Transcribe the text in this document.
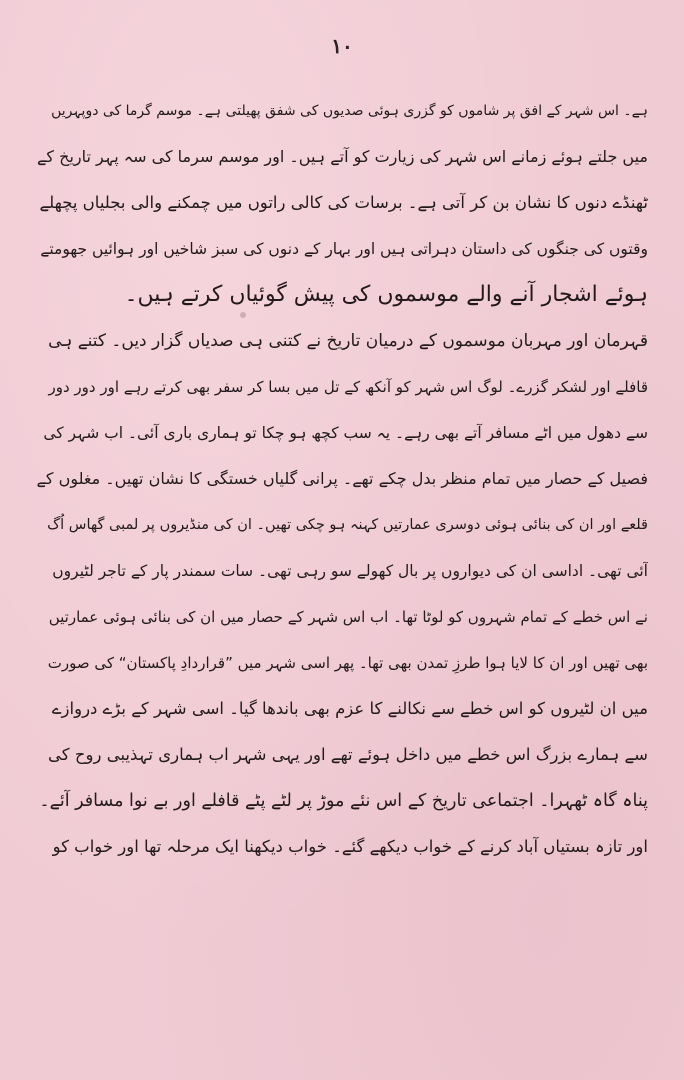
۱۰
ہے۔ اس شہر کے افق پر شاموں کو گزری ہوئی صدیوں کی شفق پھیلتی ہے۔ موسم گرما کی دوپہریں
میں جلتے ہوئے زمانے اس شہر کی زیارت کو آتے ہیں۔ اور موسم سرما کی سہ پہر تاریخ کے
ٹھنڈے دنوں کا نشان بن کر آتی ہے۔ برسات کی کالی راتوں میں چمکنے والی بجلیاں پچھلے
وقتوں کی جنگوں کی داستان دہراتی ہیں اور بہار کے دنوں کی سبز شاخیں اور ہوائیں جھومتے
ہوئے اشجار آنے والے موسموں کی پیش گوئیاں کرتے ہیں۔
قہرمان اور مہربان موسموں کے درمیان تاریخ نے کتنی ہی صدیاں گزار دیں۔ کتنے ہی
قافلے اور لشکر گزرے۔ لوگ اس شہر کو آنکھ کے تل میں بسا کر سفر بھی کرتے رہے اور دور دور
سے دھول میں اٹے مسافر آتے بھی رہے۔ یہ سب کچھ ہو چکا تو ہماری باری آئی۔ اب شہر کی
فصیل کے حصار میں تمام منظر بدل چکے تھے۔ پرانی گلیاں خستگی کا نشان تھیں۔ مغلوں کے
قلعے اور ان کی بنائی ہوئی دوسری عمارتیں کہنہ ہو چکی تھیں۔ ان کی منڈیروں پر لمبی گھاس اُگ
آئی تھی۔ اداسی ان کی دیواروں پر بال کھولے سو رہی تھی۔ سات سمندر پار کے تاجر لٹیروں
نے اس خطے کے تمام شہروں کو لوٹا تھا۔ اب اس شہر کے حصار میں ان کی بنائی ہوئی عمارتیں
بھی تھیں اور ان کا لایا ہوا طرزِ تمدن بھی تھا۔ پھر اسی شہر میں ”قراردادِ پاکستان“ کی صورت
میں ان لٹیروں کو اس خطے سے نکالنے کا عزم بھی باندھا گیا۔ اسی شہر کے بڑے دروازے
سے ہمارے بزرگ اس خطے میں داخل ہوئے تھے اور یہی شہر اب ہماری تہذیبی روح کی
پناہ گاہ ٹھہرا۔ اجتماعی تاریخ کے اس نئے موڑ پر لٹے پٹے قافلے اور بے نوا مسافر آئے۔
اور تازہ بستیاں آباد کرنے کے خواب دیکھے گئے۔ خواب دیکھنا ایک مرحلہ تھا اور خواب کو
